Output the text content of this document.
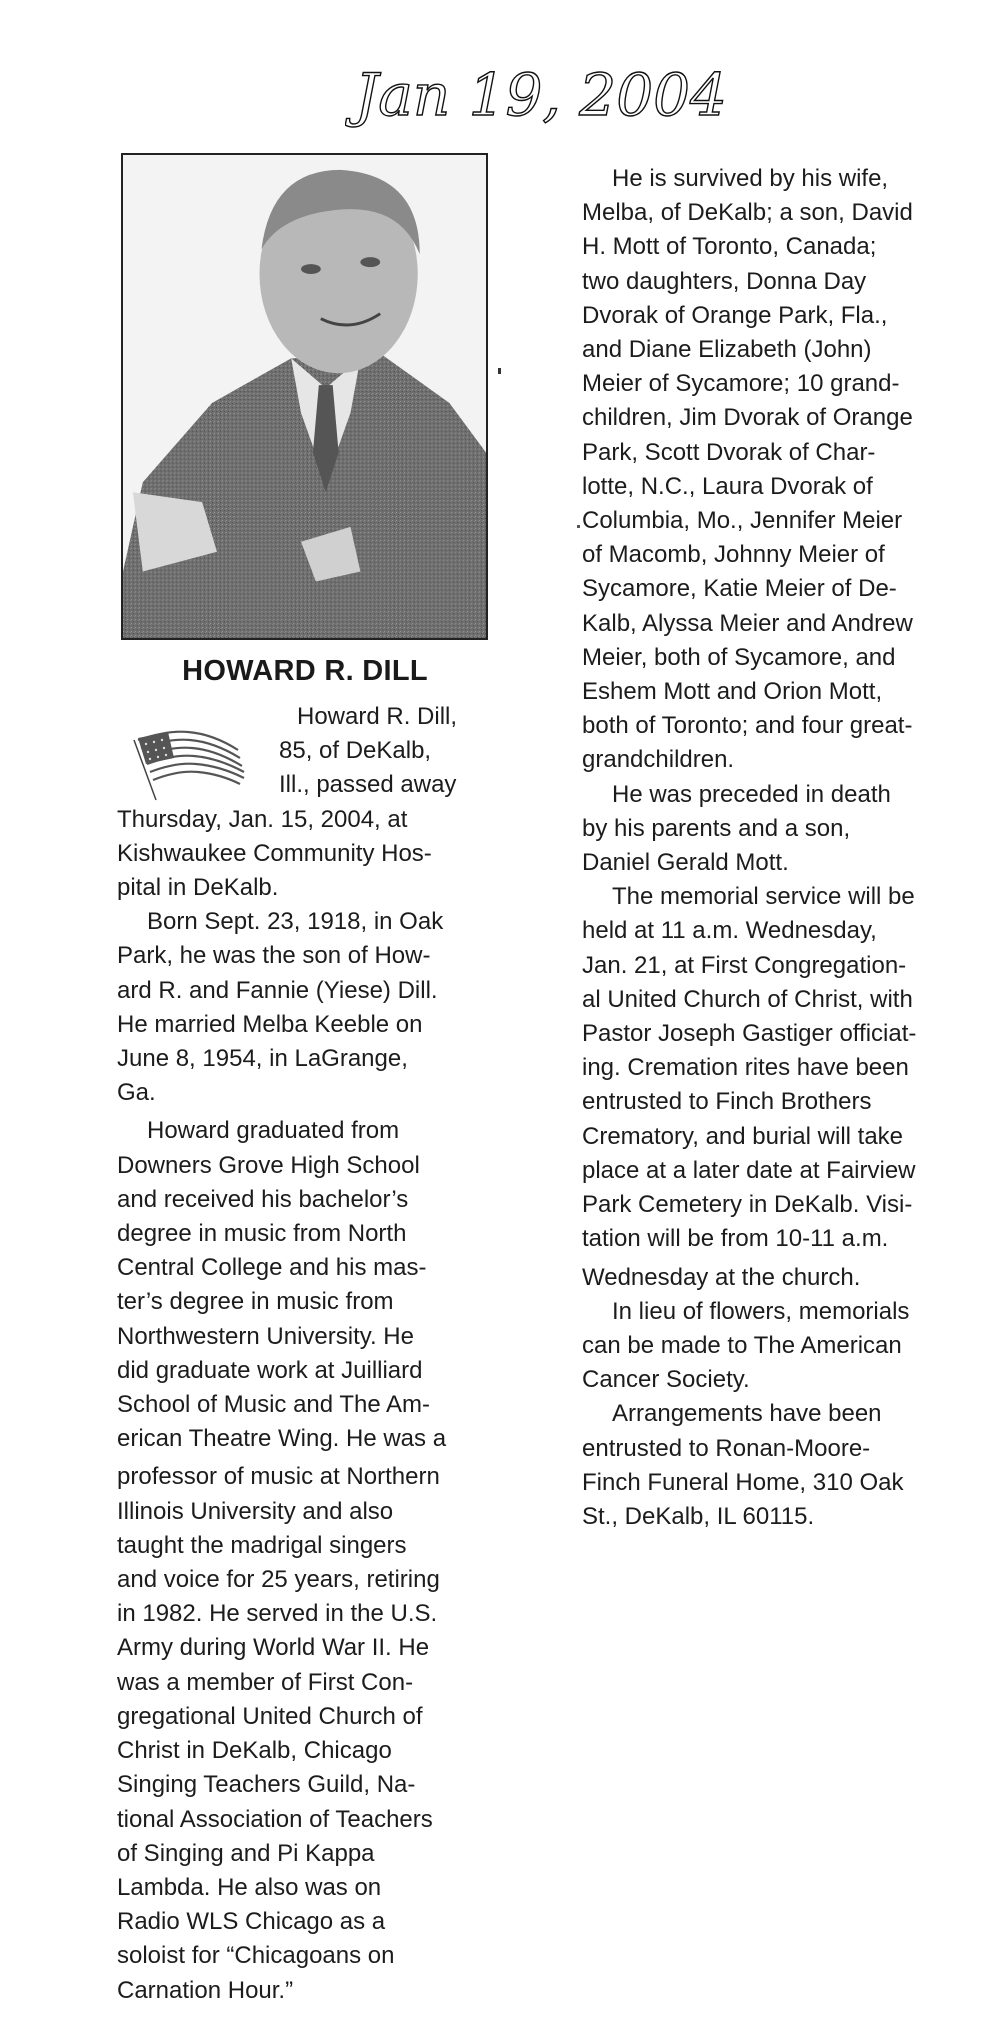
Jan 19, 2004
HOWARD R. DILL

Howard R. Dill,
85, of DeKalb,
Ill., passed away
Thursday, Jan. 15, 2004, at
Kishwaukee Community Hos-
pital in DeKalb.

Born Sept. 23, 1918, in Oak
Park, he was the son of How-
ard R. and Fannie (Yiese) Dill.
He married Melba Keeble on
June 8, 1954, in LaGrange,
Ga.

Howard graduated from
Downers Grove High School
and received his bachelor’s
degree in music from North
Central College and his mas-
ter’s degree in music from
Northwestern University. He
did graduate work at Juilliard
School of Music and The Am-
erican Theatre Wing. He was a
professor of music at Northern
Illinois University and also
taught the madrigal singers
and voice for 25 years, retiring
in 1982. He served in the U.S.
Army during World War II. He
was a member of First Con-
gregational United Church of
Christ in DeKalb, Chicago
Singing Teachers Guild, Na-
tional Association of Teachers
of Singing and Pi Kappa
Lambda. He also was on
Radio WLS Chicago as a
soloist for “Chicagoans on
Carnation Hour.”

He is survived by his wife,
Melba, of DeKalb; a son, David
H. Mott of Toronto, Canada;
two daughters, Donna Day
Dvorak of Orange Park, Fla.,
and Diane Elizabeth (John)
Meier of Sycamore; 10 grand-
children, Jim Dvorak of Orange
Park, Scott Dvorak of Char-
lotte, N.C., Laura Dvorak of
Columbia, Mo., Jennifer Meier
of Macomb, Johnny Meier of
Sycamore, Katie Meier of De-
Kalb, Alyssa Meier and Andrew
Meier, both of Sycamore, and
Eshem Mott and Orion Mott,
both of Toronto; and four great-
grandchildren.

He was preceded in death
by his parents and a son,
Daniel Gerald Mott.

The memorial service will be
held at 11 a.m. Wednesday,
Jan. 21, at First Congregation-
al United Church of Christ, with
Pastor Joseph Gastiger officiat-
ing. Cremation rites have been
entrusted to Finch Brothers
Crematory, and burial will take
place at a later date at Fairview
Park Cemetery in DeKalb. Visi-
tation will be from 10-11 a.m.
Wednesday at the church.

In lieu of flowers, memorials
can be made to The American
Cancer Society.

Arrangements have been
entrusted to Ronan-Moore-
Finch Funeral Home, 310 Oak
St., DeKalb, IL 60115.
